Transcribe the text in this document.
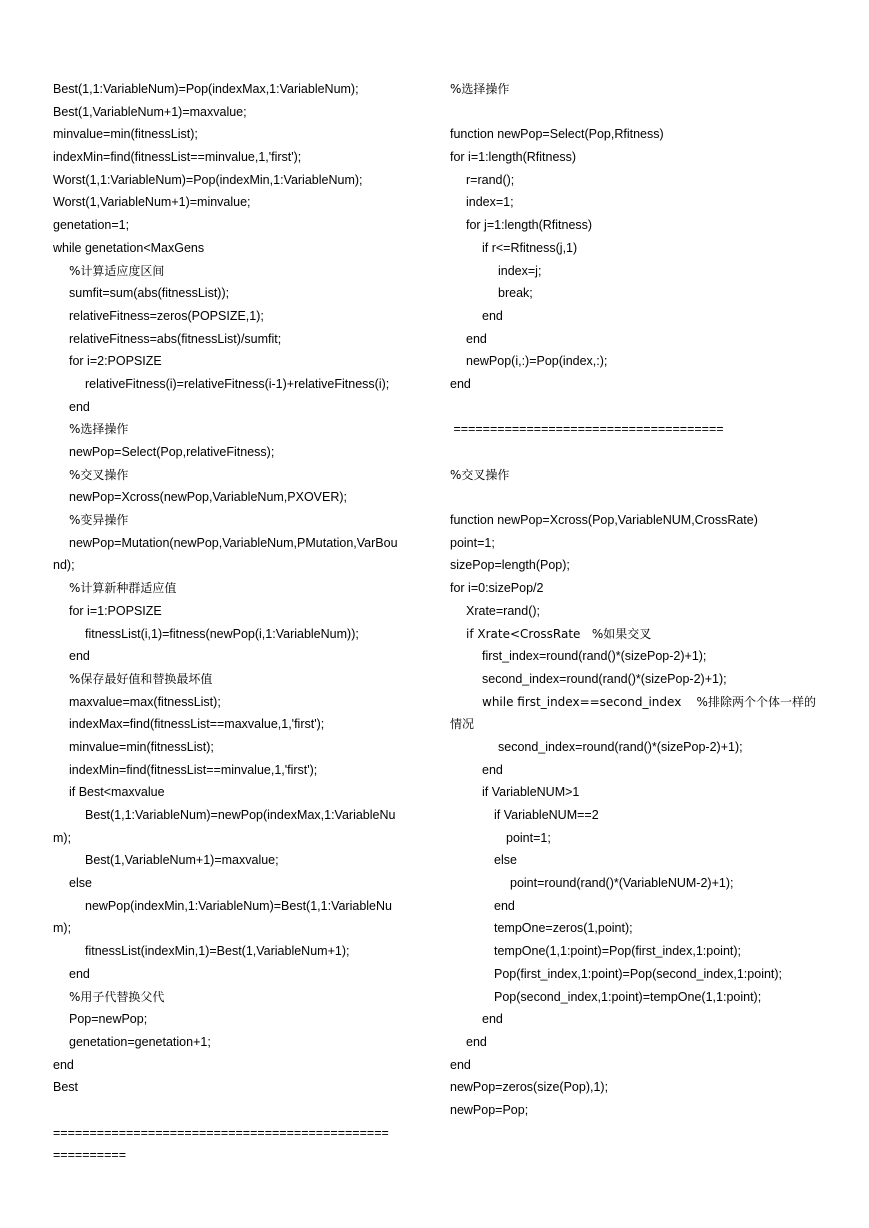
Best(1,1:VariableNum)=Pop(indexMax,1:VariableNum);
Best(1,VariableNum+1)=maxvalue;
minvalue=min(fitnessList);
indexMin=find(fitnessList==minvalue,1,'first');
Worst(1,1:VariableNum)=Pop(indexMin,1:VariableNum);
Worst(1,VariableNum+1)=minvalue;
genetation=1;
while genetation<MaxGens
%计算适应度区间
sumfit=sum(abs(fitnessList));
relativeFitness=zeros(POPSIZE,1);
relativeFitness=abs(fitnessList)/sumfit;
for i=2:POPSIZE
relativeFitness(i)=relativeFitness(i-1)+relativeFitness(i);
end
%选择操作
newPop=Select(Pop,relativeFitness);
%交叉操作
newPop=Xcross(newPop,VariableNum,PXOVER);
%变异操作
newPop=Mutation(newPop,VariableNum,PMutation,VarBou
nd);
%计算新种群适应值
for i=1:POPSIZE
fitnessList(i,1)=fitness(newPop(i,1:VariableNum));
end
%保存最好值和替换最坏值
maxvalue=max(fitnessList);
indexMax=find(fitnessList==maxvalue,1,'first');
minvalue=min(fitnessList);
indexMin=find(fitnessList==minvalue,1,'first');
if Best<maxvalue
Best(1,1:VariableNum)=newPop(indexMax,1:VariableNu
m);
Best(1,VariableNum+1)=maxvalue;
else
newPop(indexMin,1:VariableNum)=Best(1,1:VariableNu
m);
fitnessList(indexMin,1)=Best(1,VariableNum+1);
end
%用子代替换父代
Pop=newPop;
genetation=genetation+1;
end
Best
==============================================
==========
%选择操作
function newPop=Select(Pop,Rfitness)
for i=1:length(Rfitness)
r=rand();
index=1;
for j=1:length(Rfitness)
if r<=Rfitness(j,1)
index=j;
break;
end
end
newPop(i,:)=Pop(index,:);
end
=====================================
%交叉操作
function newPop=Xcross(Pop,VariableNUM,CrossRate)
point=1;
sizePop=length(Pop);
for i=0:sizePop/2
Xrate=rand();
if Xrate<CrossRate   %如果交叉
first_index=round(rand()*(sizePop-2)+1);
second_index=round(rand()*(sizePop-2)+1);
while first_index==second_index    %排除两个个体一样的
情况
second_index=round(rand()*(sizePop-2)+1);
end
if VariableNUM>1
if VariableNUM==2
point=1;
else
point=round(rand()*(VariableNUM-2)+1);
end
tempOne=zeros(1,point);
tempOne(1,1:point)=Pop(first_index,1:point);
Pop(first_index,1:point)=Pop(second_index,1:point);
Pop(second_index,1:point)=tempOne(1,1:point);
end
end
end
newPop=zeros(size(Pop),1);
newPop=Pop;
